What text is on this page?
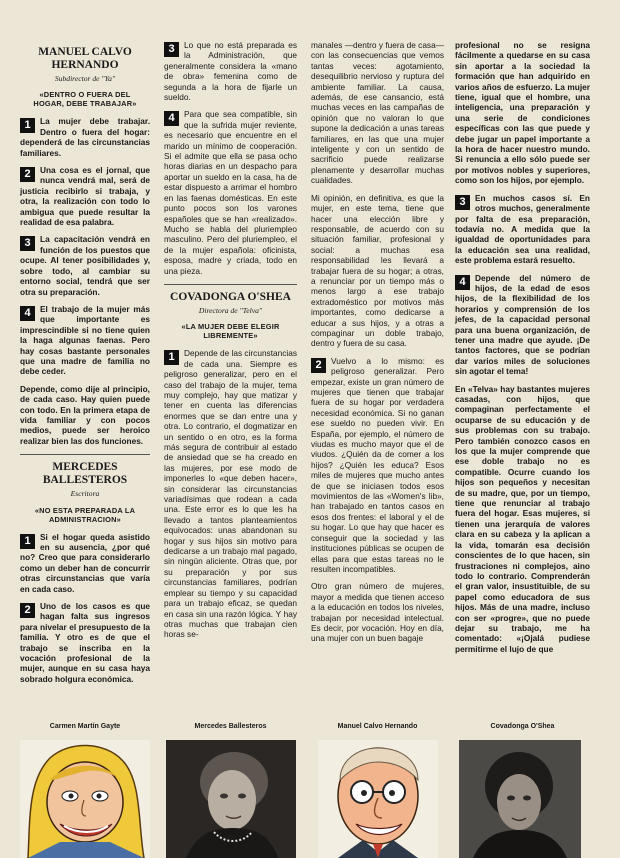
MANUEL CALVO HERNANDO
Subdirector de "Ya"
«DENTRO O FUERA DEL HOGAR, DEBE TRABAJAR»
1	La mujer debe trabajar. Dentro o fuera del hogar: dependerá de las circunstancias familiares.
2	Una cosa es el jornal, que nunca vendrá mal, será de justicia recibirlo si trabaja, y otra, la realización con todo lo ambigua que puede resultar la realidad de esa palabra.
3	La capacitación vendrá en función de los puestos que ocupe. Al tener posibilidades y, sobre todo, al cambiar su entorno social, tendrá que ser otra su preparación.
4	El trabajo de la mujer más que importante es imprescindible si no tiene quien la haga algunas faenas. Pero hay cosas bastante personales que una madre de familia no debe ceder.
Depende, como dije al principio, de cada caso. Hay quien puede con todo. En la primera etapa de vida familiar y con pocos medios, puede ser heroico realizar bien las dos funciones.
MERCEDES BALLESTEROS
Escritora
«NO ESTA PREPARADA LA ADMINISTRACION»
1	Si el hogar queda asistido en su ausencia, ¿por qué no? Creo que para considerarlo como un deber han de concurrir otras circunstancias que varía en cada caso.
2	Uno de los casos es que hagan falta sus ingresos para nivelar el presupuesto de la familia. Y otro es de que el trabajo se inscriba en la vocación profesional de la mujer, aunque en su casa haya sobrado holgura económica.
3	Lo que no está preparada es la Administración, que generalmente considera la «mano de obra» femenina como de segunda a la hora de fijarle un sueldo.
4	Para que sea compatible, sin que la sufrida mujer reviente, es necesario que encuentre en el marido un mínimo de cooperación. Si el admite que ella se pasa ocho horas diarias en un despacho para aportar un sueldo en la casa, ha de estar dispuesto a arrimar el hombro en las faenas domésticas. En este punto pocos son los varones españoles que se han «realizado». Mucho se habla del pluriempleo masculino. Pero del pluriempleo, el de la mujer española: oficinista, esposa, madre y criada, todo en una pieza.
COVADONGA O'SHEA
Directora de "Telva"
«LA MUJER DEBE ELEGIR LIBREMENTE»
1	Depende de las circunstancias de cada una. Siempre es peligroso generalizar, pero en el caso del trabajo de la mujer, tema muy complejo, hay que matizar y tener en cuenta las diferencias enormes que se dan entre una y otra. Lo contrario, el dogmatizar en un sentido o en otro, es la forma más segura de contribuir al estado de ansiedad que se ha creado en las mujeres, por ese modo de imponerles lo «que deben hacer», sin considerar las circunstancias variadísimas que rodean a cada una. Este error es lo que les ha llevado a tantos planteamientos equivocados: unas abandonan su hogar y sus hijos sin motivo para dedicarse a un trabajo mal pagado, sin ningún aliciente. Otras que, por su preparación y por sus circunstancias familiares, podrían emplear su tiempo y su capacidad para un trabajo eficaz, se quedan en casa sin una razón lógica. Y hay otras muchas que trabajan cien horas se-
manales —dentro y fuera de casa— con las consecuencias que vemos tantas veces: agotamiento, desequilibrio nervioso y ruptura del ambiente familiar. La causa, además, de ese cansancio, está muchas veces en las campañas de opinión que no valoran lo que supone la dedicación a unas tareas familiares, en las que una mujer inteligente y con un sentido de sacrificio puede realizarse plenamente y desarrollar muchas cualidades.
Mi opinión, en definitiva, es que la mujer, en este tema, tiene que hacer una elección libre y responsable, de acuerdo con su situación familiar, profesional y social: a muchas esa responsabilidad les llevará a trabajar fuera de su hogar; a otras, a renunciar por un tiempo más o menos largo a ese trabajo extradoméstico por motivos más importantes, como dedicarse a educar a sus hijos, y a otras a compaginar un doble trabajo, dentro y fuera de su casa.
2	Vuelvo a lo mismo: es peligroso generalizar. Pero empezar, existe un gran número de mujeres que tienen que trabajar fuera de su hogar por verdadera necesidad económica. Si no ganan ese sueldo no pueden vivir. En España, por ejemplo, el número de viudas es mucho mayor que el de viudos. ¿Quién da de comer a los hijos? ¿Quién les educa? Esos miles de mujeres que mucho antes de que se iniciasen todos esos movimientos de las «Women's lib», han trabajado en tantos casos en esos dos frentes: el laboral y el de su hogar. Lo que hay que hacer es conseguir que la sociedad y las instituciones públicas se ocupen de ellas para que estas tareas no le resulten incompatibles.
Otro gran número de mujeres, mayor a medida que tienen acceso a la educación en todos los niveles, trabajan por necesidad intelectual. Es decir, por vocación. Hoy en día, una mujer con un buen bagaje
profesional no se resigna fácilmente a quedarse en su casa sin aportar a la sociedad la formación que han adquirido en varios años de esfuerzo. La mujer tiene, igual que el hombre, una inteligencia, una preparación y una serie de condiciones específicas con las que puede y debe jugar un papel importante a la hora de hacer nuestro mundo. Si renuncia a ello sólo puede ser por motivos nobles y superiores, como son los hijos, por ejemplo.
3	En muchos casos sí. En otros muchos, generalmente por falta de esa preparación, todavía no. A medida que la igualdad de oportunidades para la educación sea una realidad, este problema estará resuelto.
4	Depende del número de hijos, de la edad de esos hijos, de la flexibilidad de los horarios y comprensión de los jefes, de la capacidad personal para una buena organización, de tener una madre que ayude. ¡De tantos factores, que se podrían dar varios miles de soluciones sin agotar el tema!
En «Telva» hay bastantes mujeres casadas, con hijos, que compaginan perfectamente el ocuparse de su educación y de sus problemas con su trabajo. Pero también conozco casos en los que la mujer comprende que ese doble trabajo no es compatible. Ocurre cuando los hijos son pequeños y necesitan de su madre, que, por un tiempo, tiene que renunciar al trabajo fuera del hogar. Esas mujeres, si tienen una jerarquía de valores clara en su cabeza y la aplican a la vida, tomarán esa decisión conscientes de lo que hacen, sin frustraciones ni complejos, aino todo lo contrario. Comprenderán el gran valor, insustituible, de su papel como educadora de sus hijos. Más de una madre, incluso con ser «progre», que no puede dejar su trabajo, me ha comentado: «¡Ojalá pudiese permitirme el lujo de que
Carmen Martín Gayte	Mercedes Ballesteros	Manuel Calvo Hernando	Covadonga O'Shea
